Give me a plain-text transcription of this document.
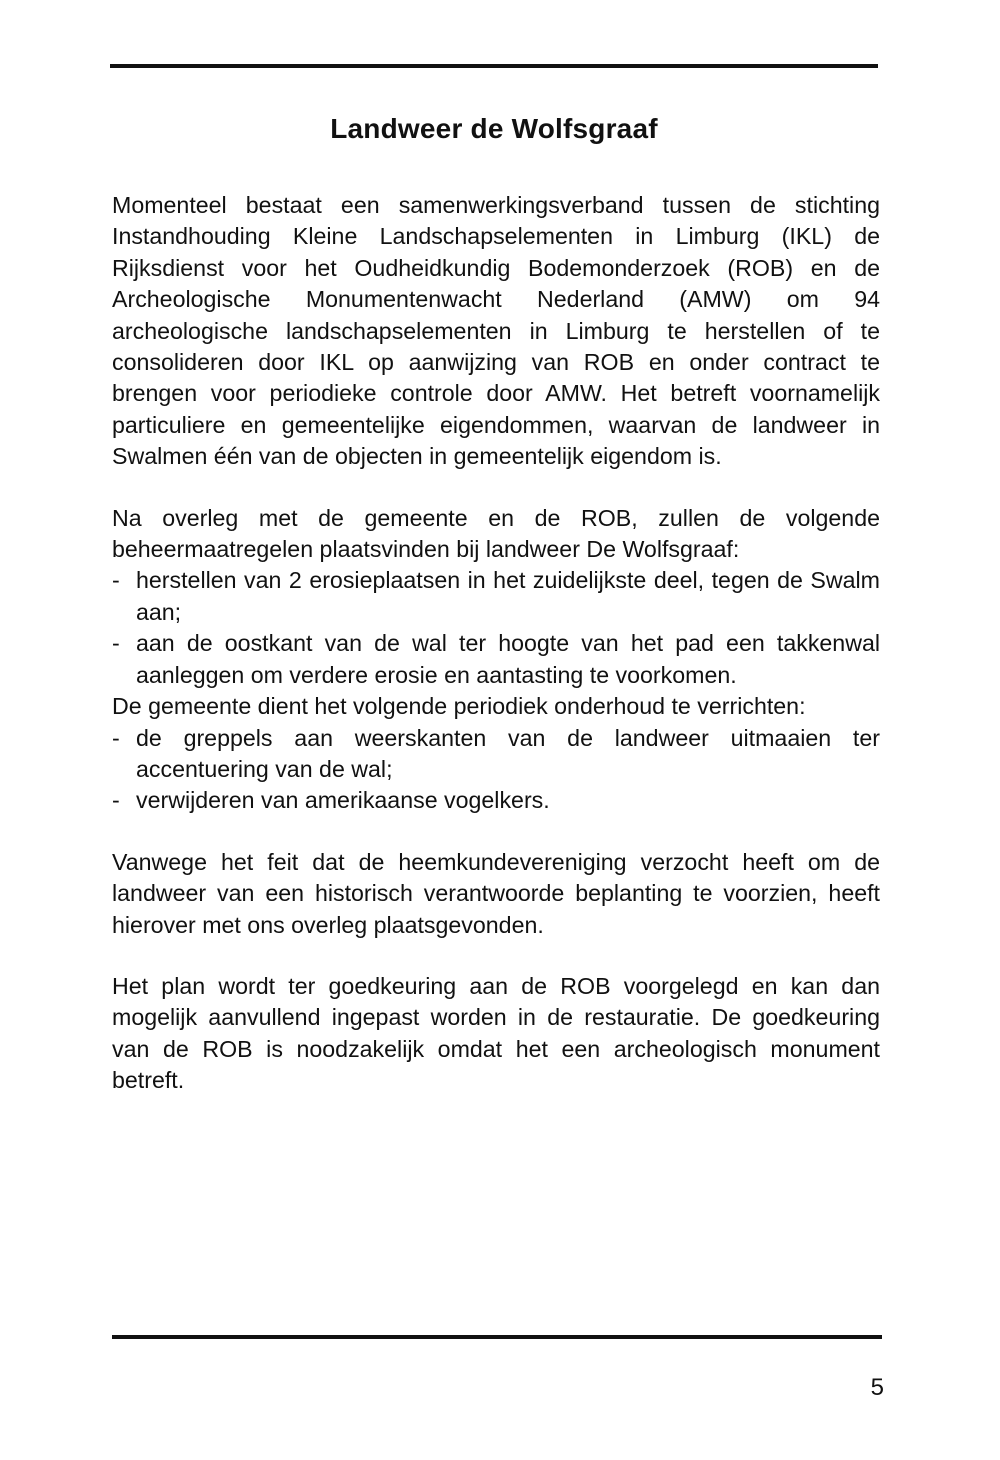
Landweer de Wolfsgraaf

Momenteel bestaat een samenwerkingsverband tussen de stichting Instandhouding Kleine Landschapselementen in Limburg (IKL) de Rijksdienst voor het Oudheidkundig Bodemonderzoek (ROB) en de Archeologische Monumentenwacht Nederland (AMW) om 94 archeologische landschapselementen in Limburg te herstellen of te consolideren door IKL op aanwijzing van ROB en onder contract te brengen voor periodieke controle door AMW. Het betreft voornamelijk particuliere en gemeentelijke eigendommen, waarvan de landweer in Swalmen één van de objecten in gemeentelijk eigendom is.

Na overleg met de gemeente en de ROB, zullen de volgende beheermaatregelen plaatsvinden bij landweer De Wolfsgraaf:

- herstellen van 2 erosieplaatsen in het zuidelijkste deel, tegen de Swalm aan;
- aan de oostkant van de wal ter hoogte van het pad een takkenwal aanleggen om verdere erosie en aantasting te voorkomen.

De gemeente dient het volgende periodiek onderhoud te verrichten:

- de greppels aan weerskanten van de landweer uitmaaien ter accentuering van de wal;
- verwijderen van amerikaanse vogelkers.

Vanwege het feit dat de heemkundevereniging verzocht heeft om de landweer van een historisch verantwoorde beplanting te voorzien, heeft hierover met ons overleg plaatsgevonden.

Het plan wordt ter goedkeuring aan de ROB voorgelegd en kan dan mogelijk aanvullend ingepast worden in de restauratie. De goedkeuring van de ROB is noodzakelijk omdat het een archeologisch monument betreft.

5
